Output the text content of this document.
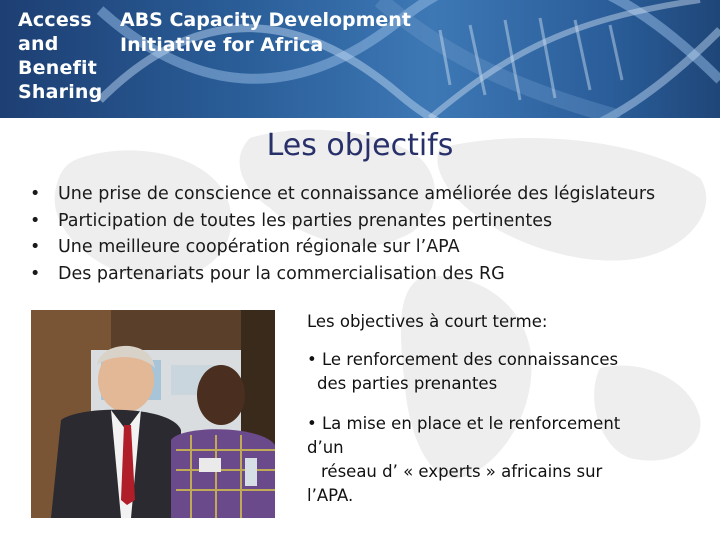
Access
and
Benefit
Sharing
ABS Capacity Development
Initiative for Africa
Les objectifs
• Une prise de conscience et connaissance améliorée des législateurs
• Participation de toutes les parties prenantes pertinentes
• Une meilleure coopération régionale sur l’APA
• Des partenariats pour la commercialisation des RG
Les objectives à court terme:
• Le renforcement des connaissances
des parties prenantes
• La mise en place et le renforcement
d’un
réseau d’ « experts » africains sur
l’APA.
